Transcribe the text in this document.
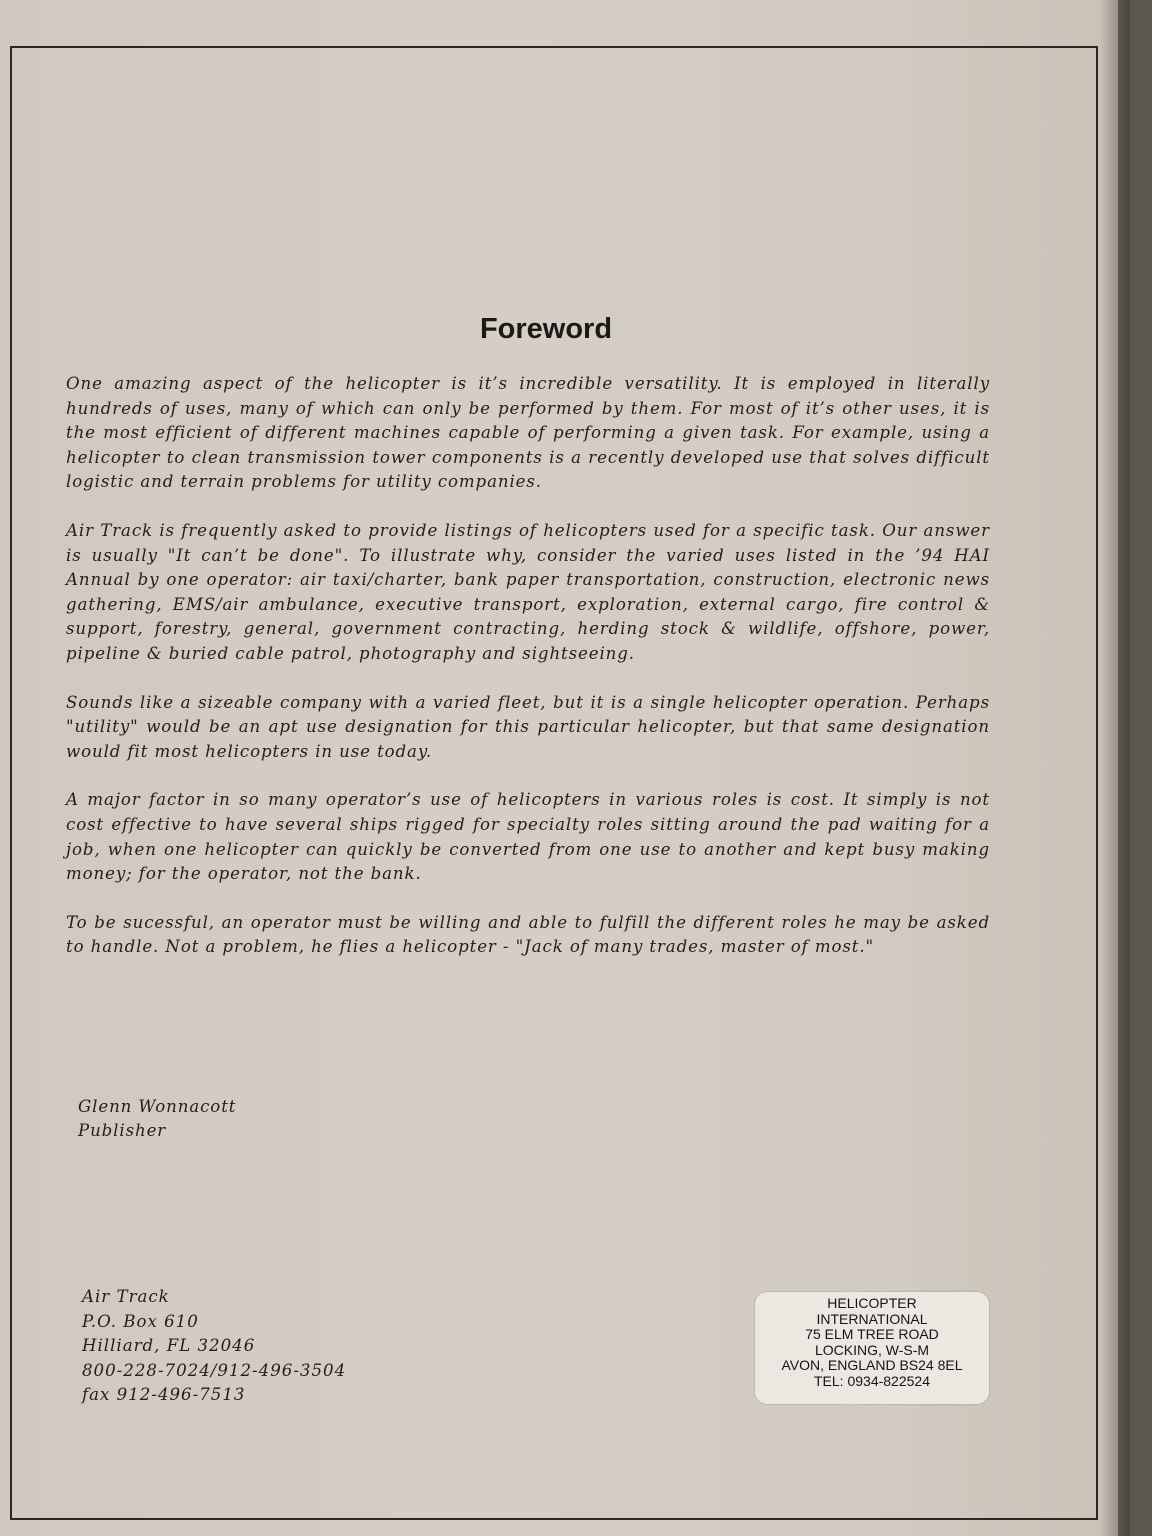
Foreword

One amazing aspect of the helicopter is it’s incredible versatility. It is employed in literally hundreds of uses, many of which can only be performed by them. For most of it’s other uses, it is the most efficient of different machines capable of performing a given task. For example, using a helicopter to clean transmission tower components is a recently developed use that solves difficult logistic and terrain problems for utility companies.

Air Track is frequently asked to provide listings of helicopters used for a specific task. Our answer is usually "It can’t be done". To illustrate why, consider the varied uses listed in the ’94 HAI Annual by one operator: air taxi/charter, bank paper transportation, construction, electronic news gathering, EMS/air ambulance, executive transport, exploration, external cargo, fire control & support, forestry, general, government contracting, herding stock & wildlife, offshore, power, pipeline & buried cable patrol, photography and sightseeing.

Sounds like a sizeable company with a varied fleet, but it is a single helicopter operation. Perhaps "utility" would be an apt use designation for this particular helicopter, but that same designation would fit most helicopters in use today.

A major factor in so many operator’s use of helicopters in various roles is cost. It simply is not cost effective to have several ships rigged for specialty roles sitting around the pad waiting for a job, when one helicopter can quickly be converted from one use to another and kept busy making money; for the operator, not the bank.

To be sucessful, an operator must be willing and able to fulfill the different roles he may be asked to handle. Not a problem, he flies a helicopter - "Jack of many trades, master of most."

Glenn Wonnacott
Publisher
Air Track
P.O. Box 610
Hilliard, FL 32046
800-228-7024/912-496-3504
fax 912-496-7513
HELICOPTER
INTERNATIONAL
75 ELM TREE ROAD
LOCKING, W-S-M
AVON, ENGLAND BS24 8EL
TEL: 0934-822524
